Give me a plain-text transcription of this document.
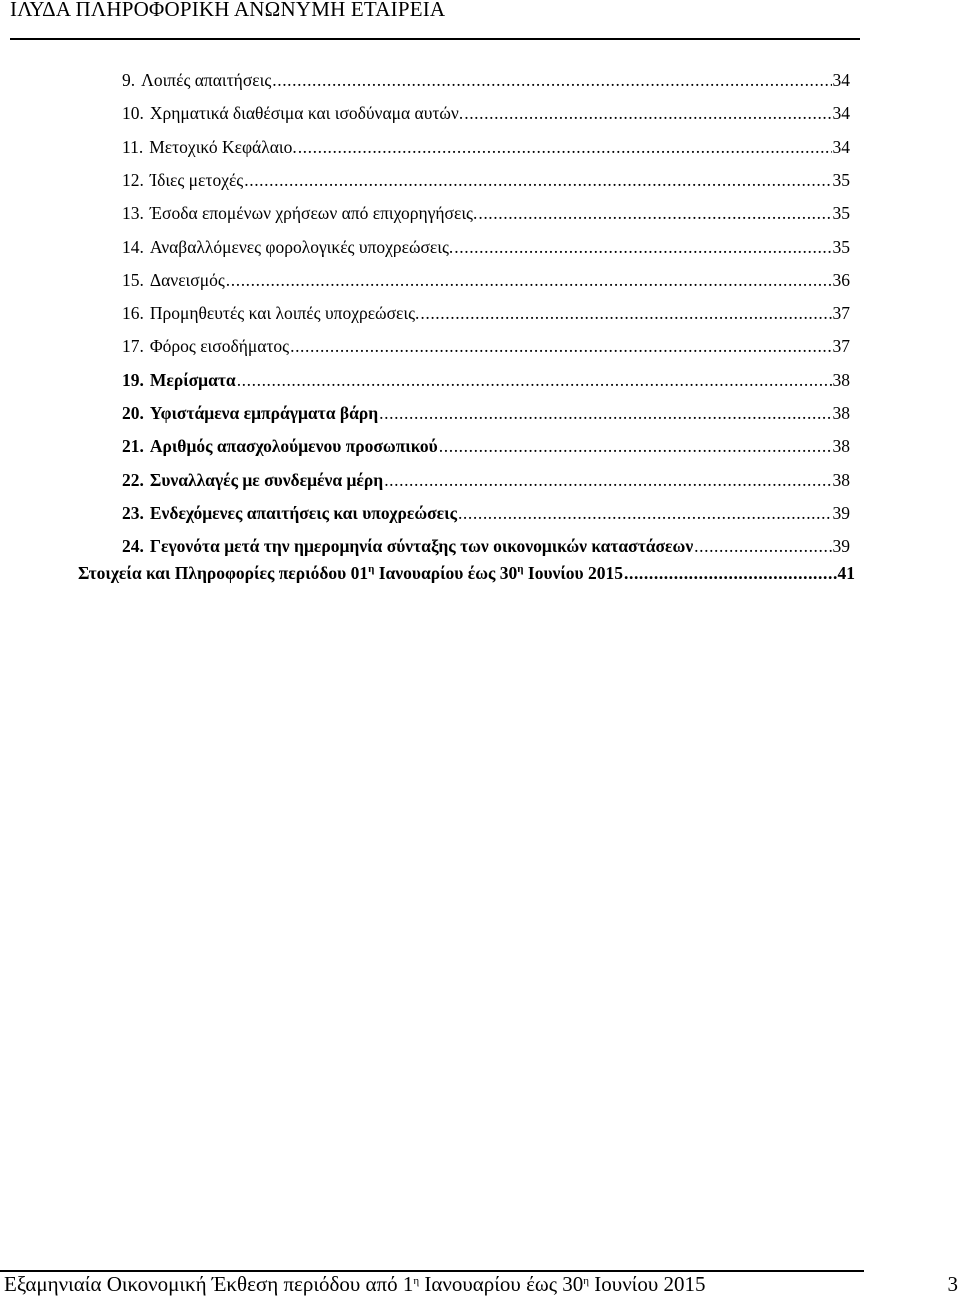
ΙΛΥΔΑ ΠΛΗΡΟΦΟΡΙΚΗ ΑΝΩΝΥΜΗ ΕΤΑΙΡΕΙΑ
9. Λοιπές απαιτήσεις .....	34
10. Χρηματικά διαθέσιμα και ισοδύναμα αυτών. .....	34
11. Μετοχικό Κεφάλαιο. .....	34
12. Ίδιες μετοχές .....	35
13. Έσοδα επομένων χρήσεων από επιχορηγήσεις. .....	35
14. Αναβαλλόμενες φορολογικές υποχρεώσεις. .....	35
15. Δανεισμός .....	36
16. Προμηθευτές και λοιπές υποχρεώσεις. .....	37
17. Φόρος εισοδήματος .....	37
19. Μερίσματα .....	38
20. Υφιστάμενα εμπράγματα βάρη .....	38
21. Αριθμός απασχολούμενου προσωπικού .....	38
22. Συναλλαγές με συνδεμένα μέρη .....	38
23. Ενδεχόμενες απαιτήσεις και υποχρεώσεις .....	39
24. Γεγονότα μετά την ημερομηνία σύνταξης των οικονομικών καταστάσεων .....	39
Στοιχεία και Πληροφορίες περιόδου $01^\eta$ Ιανουαρίου έως $30^\eta$ Ιουνίου 2015 .....	41
Εξαμηνιαία Οικονομική Έκθεση περιόδου από $1^\eta$ Ιανουαρίου έως $30^\eta$ Ιουνίου 2015	3
